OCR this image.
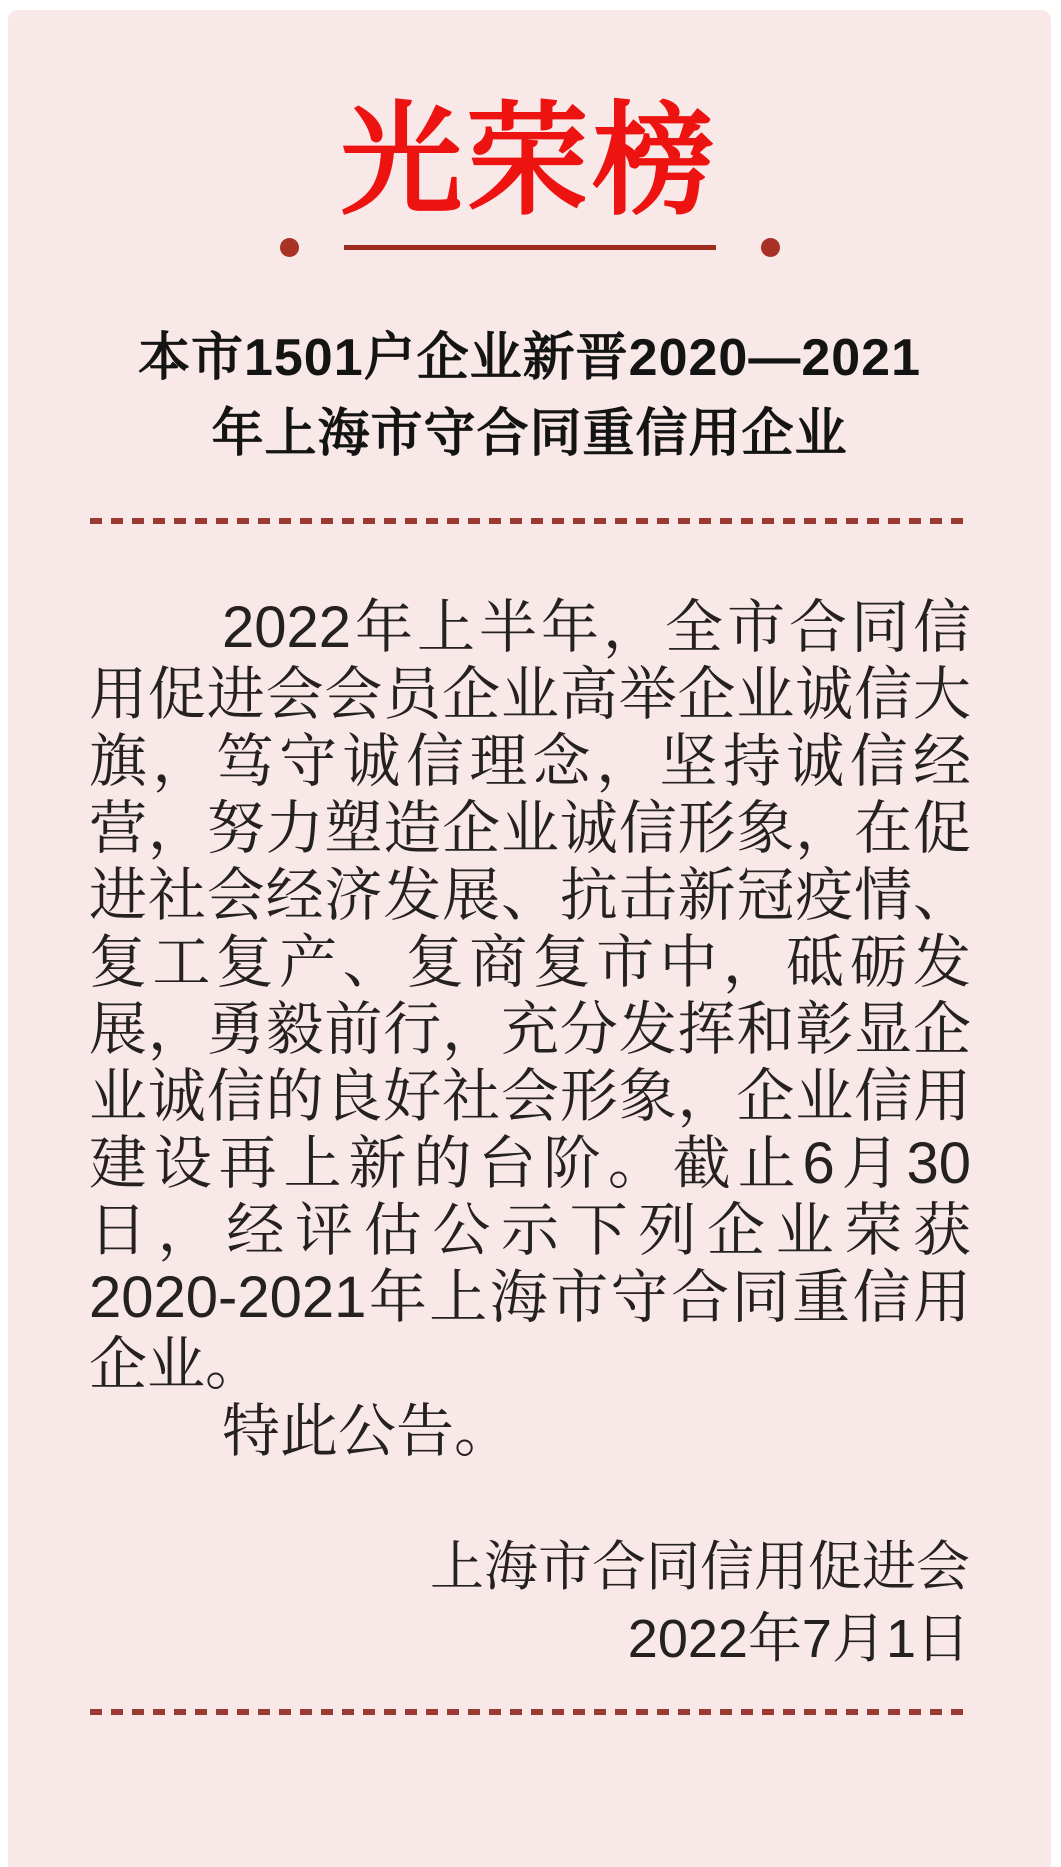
光荣榜
本市1501户企业新晋2020—2021
年上海市守合同重信用企业
2022年上半年，全市合同信
用促进会会员企业高举企业诚信大
旗，笃守诚信理念，坚持诚信经
营，努力塑造企业诚信形象，在促
进社会经济发展、抗击新冠疫情、
复工复产、复商复市中，砥砺发
展，勇毅前行，充分发挥和彰显企
业诚信的良好社会形象，企业信用
建设再上新的台阶。截止6月30
日，经评估公示下列企业荣获
2020-2021年上海市守合同重信用
企业。
特此公告。
上海市合同信用促进会
2022年7月1日
